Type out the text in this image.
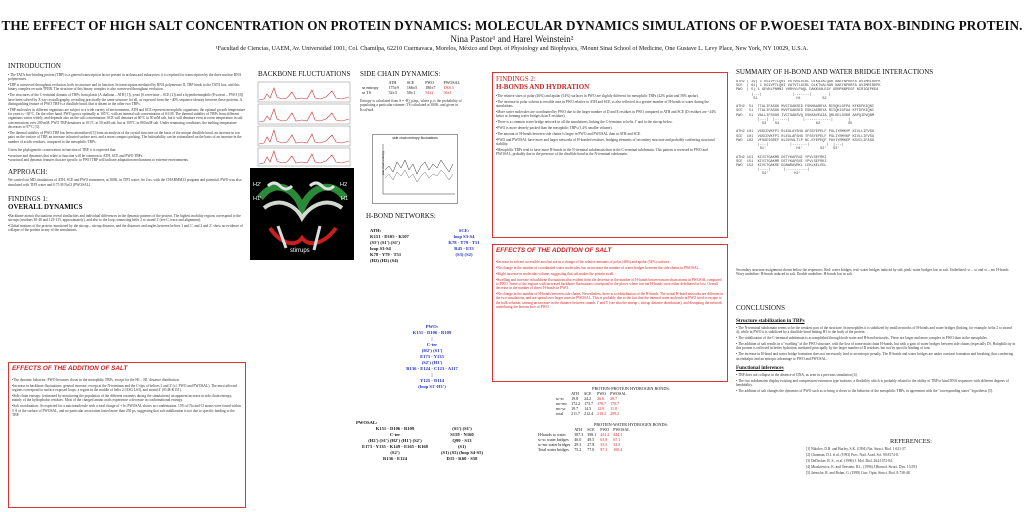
THE EFFECT OF HIGH SALT CONCENTRATION ON PROTEIN DYNAMICS: MOLECULAR DYNAMICS SIMULATIONS OF P.WOESEI TATA BOX-BINDING PROTEIN.
Nina Pastor¹ and Harel Weinstein²
¹Facultad de Ciencias, UAEM, Av. Universidad 1001, Col. Chamilpa, 62210 Cuernavaca, Morelos, México and Dept. of Physiology and Biophysics, ²Mount Sinai School of Medicine, One Gustave L. Levy Place, New York, NY 10029, U.S.A.
INTRODUCTION

• The TATA box-binding protein (TBP) is a general transcription factor present in archaea and eukaryotes; it is required for transcription by the three nuclear RNA polymerases.

•TBP is conserved throughout evolution, both in structure and in function. In transcription mediated by RNA polymerase II, TBP binds to the TATA box, and this binary complex recruits TFIIB. The structure of this binary complex is also conserved throughout evolution.

•The structures of the C-terminal domain of TBPs from plants (A.thaliana – ATH [1]), yeast (S.cerevisiae – SCE [2]) and a hyperthermophile (P.woesei – PWO [3]) have been solved by X-ray crystallography, revealing practically the same structure for all, as expected from the ~40% sequence identity between these proteins. A distinguishing feature of PWO TBP is a disulfide bond, that is absent in the other two TBPs.

•TBP molecules in different organisms are subject to a wide variety of environments. ATH and SCE represent mesophilic organisms; the optimal growth temperature for yeast is ~30°C. On the other hand, PWO grows optimally at 105°C, with an internal salt concentration of 0.6 M. The thermal stability of TBPs from different organisms varies widely, and depends also on the salt concentration: SCE will denature at 60°C in 50 mM salt, but it will denature even at room temperature in salt concentrations over 200 mM. PWO TBP denatures at 101°C at 50 mM salt, but at 109°C in 800 mM salt. Under renaturing conditions, the melting temperature decreases to 97°C [3].

•The thermal stability of PWO TBP has been rationalized [3] from an analysis of the crystal structure on the basis of the unique disulfide bond, an increase in ion pairs on the surface of TBP, an increase in buried surface area, and a more compact packing. The halostability can be rationalized on the basis of an increase in the number of acidic residues, compared to the mesophilic TBPs.

Given the phylogenetic conservation in function of TBP, it is expected that:

•structure and dynamics that relate to function will be common to ATH, SCE and PWO TBPs.

•structural and dynamic features that are specific to PWO TBP will indicate adaptation mechanisms to extreme environments.

APPROACH:
We carried out MD simulations of ATH, SCE and PWO monomers, at 300K, in TIP3 water, for 2 ns, with the CHARMM23 program and potential. PWO was also simulated with TIP3 water and 0.75 M NaCl (PWOSAL).
FINDINGS 1:
OVERALL DYNAMICS

•Backbone atomic fluctuations reveal similarities and individual differences in the dynamic patterns of the protein. The highest mobility regions correspond to the stirrups (residues 30-40 and 125-135, approximately), and also to the loop connecting helix 2 to strand 1' (see C, trace and alignment).

•Global motions of the protein, monitored by the stirrup – stirrup distance, and the distances and angles between helices 1 and 1', and 2 and 2', show no evidence of collapse of the protein in any of the simulations.

EFFECTS OF THE ADDITION OF SALT

•The dynamic behavior: PWO becomes closer to the mesophilic TBPs, except for the H1 – H1' distance distribution.

•Increase in backbone fluctuations: general increase, except at the N-terminus and the C-tips of helices 2 and 2' (cf. PWO and PWOSAL). The most affected regions correspond to surface exposed loops, a region in the middle of helix 2 (ASG L63), and strand 4' (S148-K151).

•Side chain entropy: (estimated by monitoring the population of the different rotamers during the simulations) an apparent increase in side chain entropy, mainly of the hydrophobic residues. Most of the charged amino acids experience a decrease in conformational entropy.

•Salt coordination: As expected for a macromolecule with a total charge of +1e, PWOSAL shows no condensation. 15% of Na and Cl atoms were found within 5 Å of the surface of PWOSAL, and no particular association lasted more than 250 ps, suggesting that salt stabilization is not due to specific binding to the TBP.

BACKBONE FLUCTUATIONS
H2'
H1'
H2
H1
stirrups
SIDE CHAIN DYNAMICS:
	ATH	SCE	PWO	PWOSAL
se entropy	175±9	166±5	180±7	180±3
se TS	52±3	50±1	54±2	56±1
Entropy is calculated from S = -R∑pᵢlnpᵢ, where pᵢ is the probability of populating a particular rotamer; TS calculated at 300K, and given in Kcal/mol.
side chain entropy fluctuations
side chain entropy
H-BOND NETWORKS:
ATH:
K151 - D105 - K107
(S5') (S1') (S1')
loop S3-S4
K78 - Y79 - T51
(H2) (H2) (S4)
SCE:
loop S3-S4
K78 - Y79 - T51
R45 - E33
(S3) (S2)
PWO:
K151 - D106 - R109
|
C-ter
(H2') (S1')
E173 - Y135
(S2') (H1')
R136 - E124 - C123 - A117
|
Y125 - D114
(loop S1'-H1')
PWOSAL:
K151 - D106 - R109
C-ter
(H2') (S1') (H2') (H1') (S2')
E173 - Y135 - K149 - E165 - R168
(S2')
R136 - E124
(S5') (S1')
S159 - N160
Q99 - S13
(S1)
(S1) (S5) (loop S4-S5)
D15 - K60 - S58
FINDINGS 2:
H-BONDS AND HYDRATION

•The relative sizes of polar (46%) and apolar (54%) surfaces in PWO are slightly different for mesophilic TBPs (42% polar and 58% apolar).

•The increase in polar solvent accessible area in PWO relative to ATH and SCE, is also reflected in a greater number of H-bonds to water during the simulations.

•More water molecules are coordinated by PWO due to the larger number of D and E residues in PWO compared to ATH and SCE (D residues are ~24% better at forming water bridges than E residues).

•There is a common water bridge network in all the simulations, linking the C-terminus to helix 1' and to the stirrup below.

•PWO is more densely packed than the mesophilic TBPs (1.4% smaller volume).

•The amount of H-bonds between side chains is larger in PWO and PWOSAL than in ATH and SCE.

•PWO and PWOSAL have more and larger networks of H-bonded residues, bridging elements of secondary structure and probably conferring structural stability.

•Mesophilic TBPs tend to have more H-bonds in the N-terminal subdomain than in the C-terminal subdomain. This pattern is reversed in PWO and PWOSAL, probably due to the presence of the disulfide bond in the N-terminal subdomain.

EFFECTS OF THE ADDITION OF SALT

•Increase in solvent accessible area but not in a change of the relative amounts of polar (46%) and apolar (54%) surfaces.

•No change in the number of coordinated water molecules, but an increase the number of water bridges between the side chains in PWOSAL.

•Slight increase in molecular volume, suggesting that salt makes the protein swell.

•Swelling and increase in backbone fluctuations also evident from the decrease in the number of H-bonds between main-chain atoms in PWOSAL compared to PWO. Some of the regions with increased backbone fluctuations correspond to the places where ion-ion H-bonds were either debilitated or lost. Overall decrease in the number of direct H-bonds in PWO.

•No change in the number of H-bonds between side chains. Nevertheless, there is a redistribution of the H-bonds. The actual H-bond networks are different in the two simulations, and are spread over larger areas in PWOSAL. This is probably due to the fact that the internal water molecule in PWO tried to escape to the bulk solution, causing an increase in the distance between strands 1' and 5' (see also the stirrup – stirrup distance distribution), and disrupting the network underlining the bottom face of PWO.

PROTEIN-PROTEIN HYDROGEN BONDS:
	ATH	SCE	PWO	PWOSAL
sc-sc	19.8	24.2	26.6	26.7
mc-mc	172.2	173.7	178.7	170.7
mc-sc	19.7	14.5	12.9	11.8
total	211.7	212.4	218.2	209.2
PROTEIN-WATER HYDROGEN BONDS:
	ATH	SCE	PWO	PWOSAL
H-bonds to water	387.3	398.1	441.2	444.1
sc-sc water bridges	46.0	49.5	63.8	67.1
sc-mc water bridges	29.3	27.8	33.5	33.3
Total water bridges	75.2	77.0	97.3	100.4
SUMMARY OF H-BOND AND WATER BRIDGE INTERACTIONS
ATH2 ( 19) 1 DGIVPTLQNI VSTVNLDCKL DLKAIALQAR NAEYNPKRFA AVIMRIRDPK
SCE  ( 61) 1 DGIVPTLQNI VATVTLGCRL DLKTVALHAR NAEYNPKRFA AVIMRIRDPK
PWO  ( 5) 1 GEVKLPNMNI VHRVVLPAQL DAKKVALEGY GRNPNNPEGF NIRIGEPKEA
|---|              |-------|        |
S1                  H1          S2

ATH2  51  TTALIFASGK MVCTGAKSED FSKMAARKYA RIVQKLGFPA KFKDFKIQNI
SCE   51  TTALIFASGK MVVTGAKSED DSKLASRKYA RIIQKIGFAA KFTDFKIQNI
PWO   51  VALLIFSSGK IVCTGAKSVQ DSKKAVEAIA QRLKELGVKR AAPQIDVQNM
|---|  |------|      |------------|       |
S3    S4                 H2             S5

ATH2 101  VGSCDVKFPI RLEGLAYSHA AFSSYEPELF PGLIYRMKVP KIVLLIFVSG
SCE  101  VGSCDVKFPI RLEGLAFSHG TFSSYEPELF PGLIYRMVKP KIVLLIFVSG
PWO  102  VFSGDIGREF NLDVVALTLP NC-EYEPEQF PGVIYRMKEP KSVILIFASG
|---|          |-------|        |  |---|
S1'              H1'        S2'   S3'

ATH2 151  KIVITGAKMR DETYKAFENI YPVLSEFRKI
SCE  151  KIVITGAKMR DETYKAFENI YPVLSEFRKI
PWO  152  KIVCTGAKSE DDAWRAVRKL LEKLKELEDL
|----|      |----------|
S4'            H2'
Secondary structure assignment shown below the sequences. Red: water bridges; teal: water bridges induced by salt; pink: water bridges lost in salt. Underlined: sc – sc and sc – mc H-bonds. Wavy underline: H-bonds induced in salt. Double underline: H-bonds lost in salt.
CONCLUSIONS
Structure stabilization in TBPs

• The N-terminal subdomain seems to be the weakest part of the structure. In mesophiles it is stabilized by small networks of H-bonds and water bridges (linking, for example, helix 2 to strand 4), while in PWO it is stabilized by a disulfide bond linking H1 to the body of the protein.

• The stabilization of the C-terminal subdomain is accomplished through both water and H-bond networks. These are larger and more complex in PWO than in the mesophiles.

• The addition of salt results in a "swelling" of the PWO structure, with the loss of some main chain H-bonds, but with a gain of water bridges between side chains (especially D). Halophilicity in this protein is reflected in better hydration, mediated principally by the larger number of D residues, but not by specific binding of ions.

• The increase in H-bond and water bridge formation does not necessarily lead to an entropic penalty. The H-bonds and water bridges are under constant formation and breaking, thus conferring an enthalpic and an entropic advantage to PWO and PWOSAL.

Functional inferences

• TBP does not collapse in the absence of DNA, as seen in a previous simulation [4].

• The two subdomains display twisting and compression-extension type motions; a flexibility which is probably related to the ability of TBP to bind DNA sequences with different degrees of bendability.

• The addition of salt changes the dynamics of PWO such as to bring it closer to the behavior of the mesophilic TBPs, in agreement with the "corresponding states" hypothesis [5].

REFERENCES:

[1] Nikolov, D.B. and Burley, S.K. (1994) Nat. Struct. Biol. 1:621-37.

[2] Chasman, D.I. et al. (1993) Proc. Natl. Acad. Sci. 90:8174-8.

[3] DeDecker, B. S., et al. (1996) J. Mol. Biol. 264:1072-84.

[4] Miaskiewicz, K. and Ornstein, R.L. (1996) J.Biomol. Struct. Dyn. 13:593

[5] Jaenicke, R. and Bohm, G. (1998) Curr. Opin. Struct. Biol. 8:738-48.
